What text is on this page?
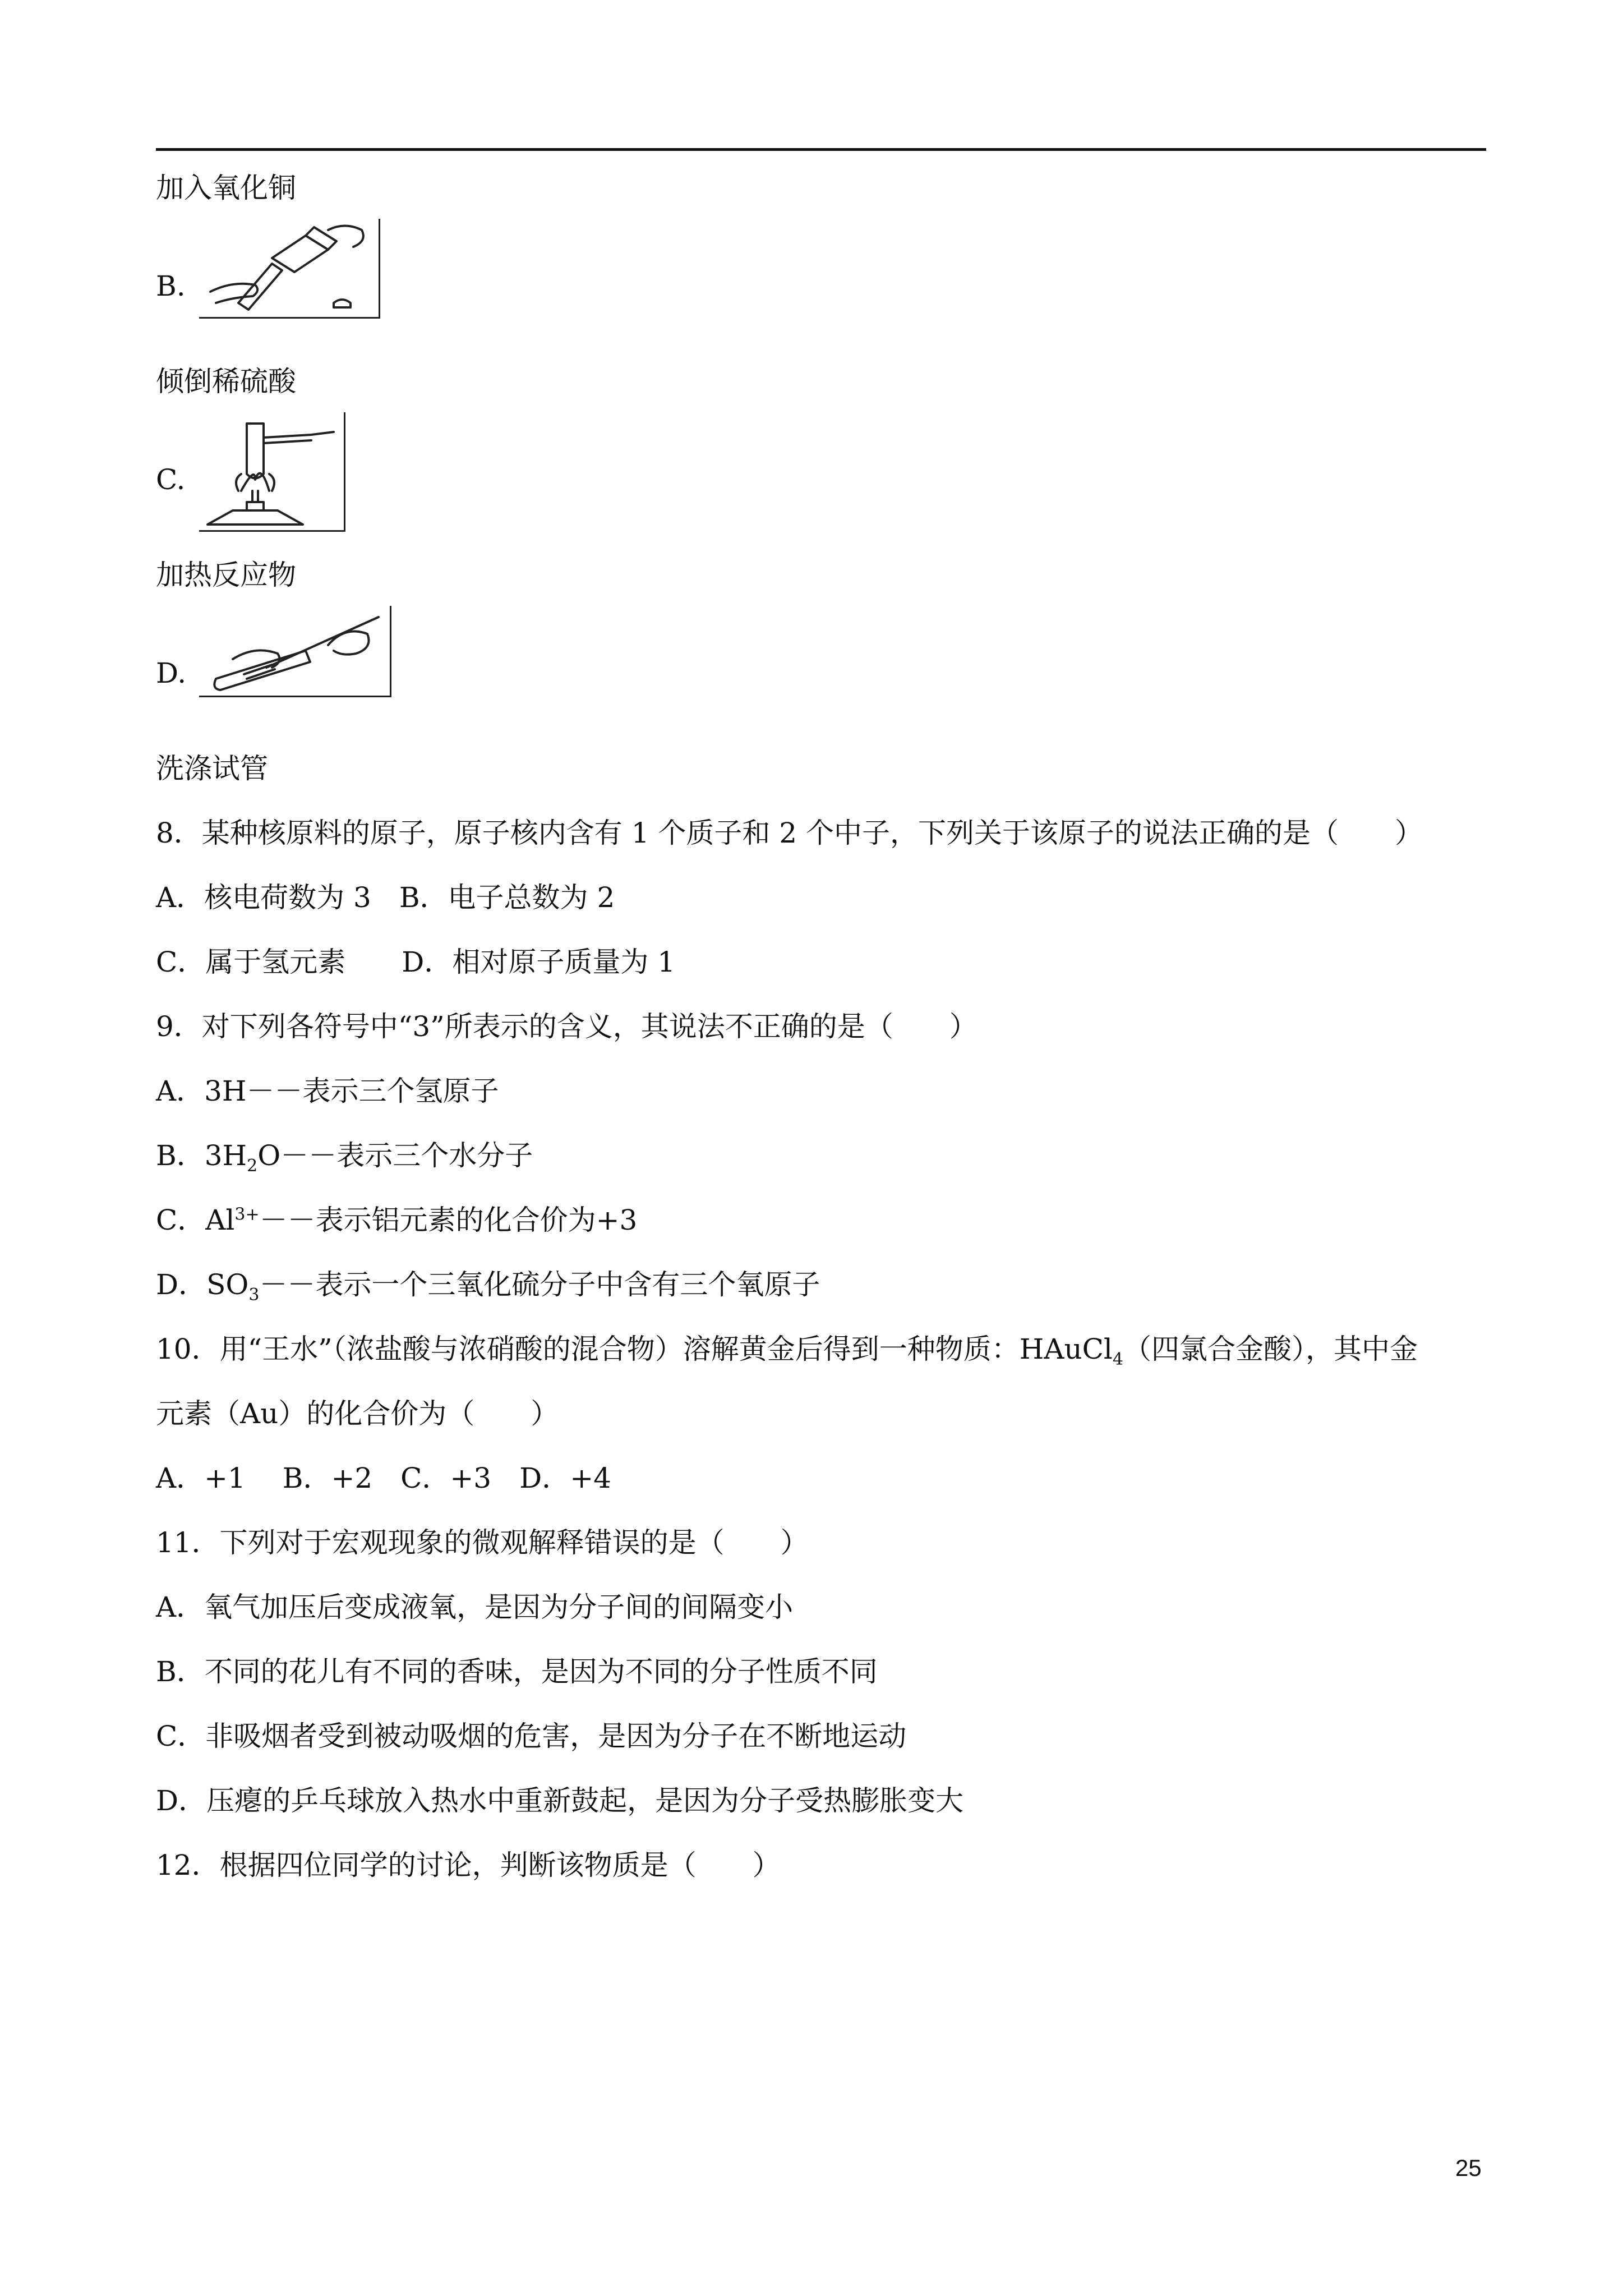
加入氧化铜
B.
倾倒稀硫酸
C.
加热反应物
D.
洗涤试管
8．某种核原料的原子，原子核内含有 1 个质子和 2 个中子，下列关于该原子的说法正确的是（　　）
A．核电荷数为 3　B．电子总数为 2
C．属于氢元素　　D．相对原子质量为 1
9．对下列各符号中“3”所表示的含义，其说法不正确的是（　　）
A．3H－－表示三个氢原子
B．$3H_2O--$表示三个水分子
C．$Al^{3+}--$表示铝元素的化合价为+3
D．$SO_3--$表示一个三氧化硫分子中含有三个氧原子
10．用“王水”（浓盐酸与浓硝酸的混合物）溶解黄金后得到一种物质：HAuCl$_4$（四氯合金酸），其中金
元素（Au）的化合价为（　　）
A．+1　 B．+2　C．+3　D．+4
11．下列对于宏观现象的微观解释错误的是（　　）
A．氧气加压后变成液氧，是因为分子间的间隔变小
B．不同的花儿有不同的香味，是因为不同的分子性质不同
C．非吸烟者受到被动吸烟的危害，是因为分子在不断地运动
D．压瘪的乒乓球放入热水中重新鼓起，是因为分子受热膨胀变大
12．根据四位同学的讨论，判断该物质是（　　）
25
